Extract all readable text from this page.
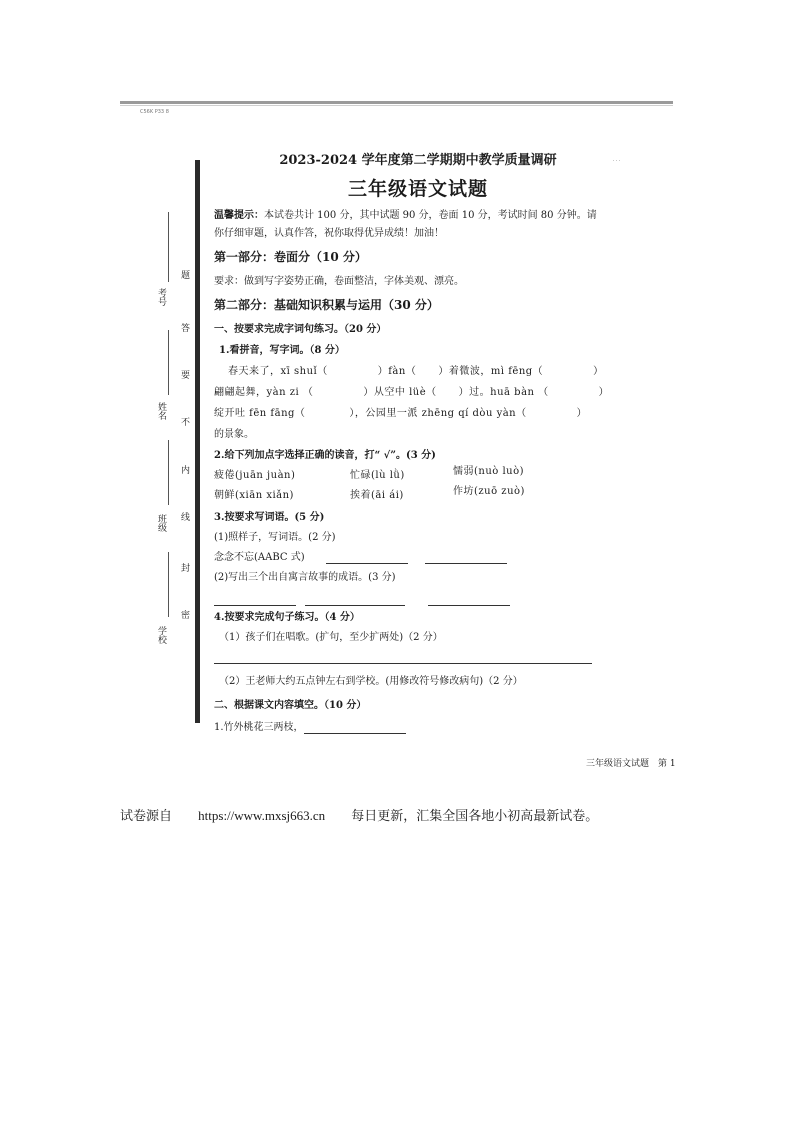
C56K P33 8
⋯
考号
姓名
班级
学校
题
答
要
不
内
线
封
密
2023-2024 学年度第二学期期中教学质量调研
三年级语文试题
温馨提示：本试卷共计 100 分，其中试题 90 分，卷面 10 分，考试时间 80 分钟。请
你仔细审题，认真作答，祝你取得优异成绩！加油！
第一部分：卷面分（10 分）
要求：做到写字姿势正确，卷面整洁，字体美观、漂亮。
第二部分：基础知识积累与运用（30 分）
一、按要求完成字词句练习。（20 分）
1.看拼音，写字词。（8 分）
春天来了，xī shuǐ（	）fàn（ ）着微波，mì fēng（	）
翩翩起舞，yàn zi （	）从空中 lüè（ ）过。huā bàn （	）
绽开吐 fēn fāng（	），公园里一派 zhēng qí dòu yàn（	）
的景象。
2.给下列加点字选择正确的读音，打“ √”。(3 分)
疲倦(juān juàn)	忙碌(lù lǜ)	懦弱(nuò luò)
朝鲜(xiān xiǎn)	挨着(āi ái)	作坊(zuō zuò)
3.按要求写词语。(5 分)
(1)照样子，写词语。(2 分)
念念不忘(AABC 式)
(2)写出三个出自寓言故事的成语。(3 分)

4.按要求完成句子练习。（4 分）
（1）孩子们在唱歌。(扩句，至少扩两处)（2 分）
（2）王老师大约五点钟左右到学校。(用修改符号修改病句)（2 分）
二、根据课文内容填空。（10 分）
1.竹外桃花三两枝，
三年级语文试题　第 1
试卷源自 https://www.mxsj663.cn 每日更新，汇集全国各地小初高最新试卷。
